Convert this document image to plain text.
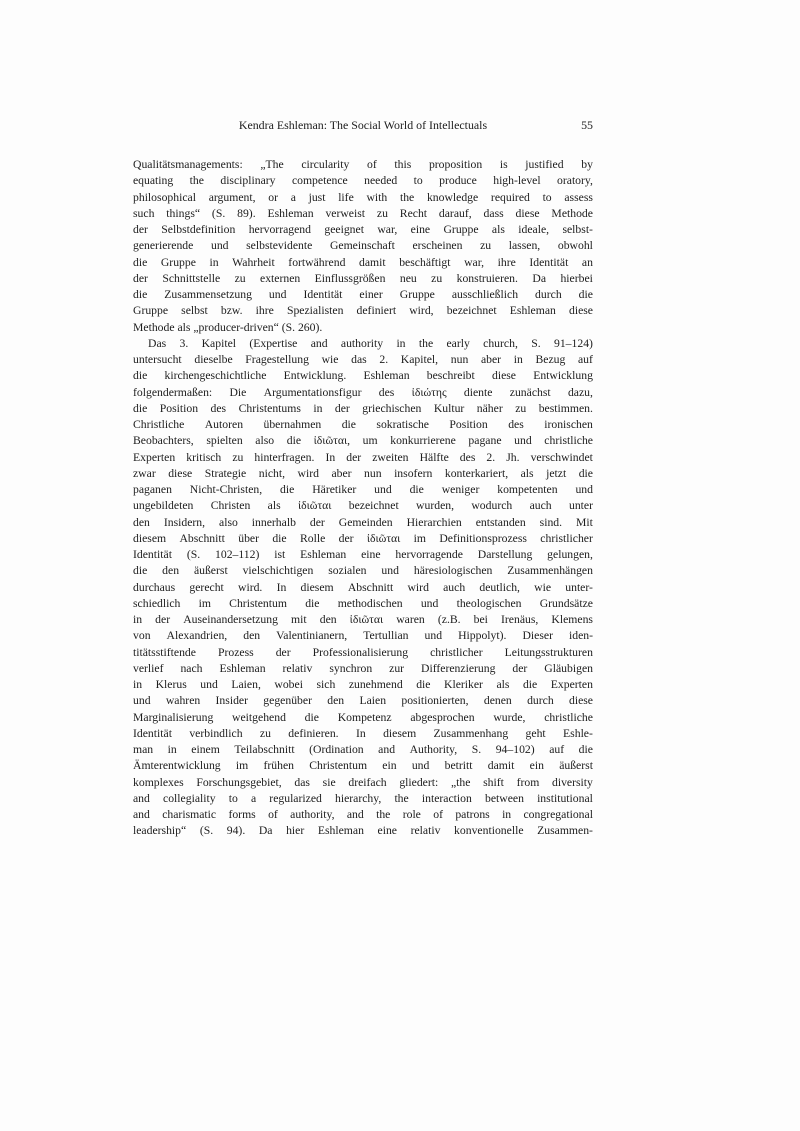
Kendra Eshleman: The Social World of Intellectuals	55
Qualitätsmanagements: „The circularity of this proposition is justified by
equating the disciplinary competence needed to produce high-level oratory,
philosophical argument, or a just life with the knowledge required to assess
such things“ (S. 89). Eshleman verweist zu Recht darauf, dass diese Methode
der Selbstdefinition hervorragend geeignet war, eine Gruppe als ideale, selbst-
generierende und selbstevidente Gemeinschaft erscheinen zu lassen, obwohl
die Gruppe in Wahrheit fortwährend damit beschäftigt war, ihre Identität an
der Schnittstelle zu externen Einflussgrößen neu zu konstruieren. Da hierbei
die Zusammensetzung und Identität einer Gruppe ausschließlich durch die
Gruppe selbst bzw. ihre Spezialisten definiert wird, bezeichnet Eshleman diese
Methode als „producer-driven“ (S. 260).
Das 3. Kapitel (Expertise and authority in the early church, S. 91–124)
untersucht dieselbe Fragestellung wie das 2. Kapitel, nun aber in Bezug auf
die kirchengeschichtliche Entwicklung. Eshleman beschreibt diese Entwicklung
folgendermaßen: Die Argumentationsfigur des ἰδιώτης diente zunächst dazu,
die Position des Christentums in der griechischen Kultur näher zu bestimmen.
Christliche Autoren übernahmen die sokratische Position des ironischen
Beobachters, spielten also die ἰδιῶται, um konkurrierene pagane und christliche
Experten kritisch zu hinterfragen. In der zweiten Hälfte des 2. Jh. verschwindet
zwar diese Strategie nicht, wird aber nun insofern konterkariert, als jetzt die
paganen Nicht-Christen, die Häretiker und die weniger kompetenten und
ungebildeten Christen als ἰδιῶται bezeichnet wurden, wodurch auch unter
den Insidern, also innerhalb der Gemeinden Hierarchien entstanden sind. Mit
diesem Abschnitt über die Rolle der ἰδιῶται im Definitionsprozess christlicher
Identität (S. 102–112) ist Eshleman eine hervorragende Darstellung gelungen,
die den äußerst vielschichtigen sozialen und häresiologischen Zusammenhängen
durchaus gerecht wird. In diesem Abschnitt wird auch deutlich, wie unter-
schiedlich im Christentum die methodischen und theologischen Grundsätze
in der Auseinandersetzung mit den ἰδιῶται waren (z.B. bei Irenäus, Klemens
von Alexandrien, den Valentinianern, Tertullian und Hippolyt). Dieser iden-
titätsstiftende Prozess der Professionalisierung christlicher Leitungsstrukturen
verlief nach Eshleman relativ synchron zur Differenzierung der Gläubigen
in Klerus und Laien, wobei sich zunehmend die Kleriker als die Experten
und wahren Insider gegenüber den Laien positionierten, denen durch diese
Marginalisierung weitgehend die Kompetenz abgesprochen wurde, christliche
Identität verbindlich zu definieren. In diesem Zusammenhang geht Eshle-
man in einem Teilabschnitt (Ordination and Authority, S. 94–102) auf die
Ämterentwicklung im frühen Christentum ein und betritt damit ein äußerst
komplexes Forschungsgebiet, das sie dreifach gliedert: „the shift from diversity
and collegiality to a regularized hierarchy, the interaction between institutional
and charismatic forms of authority, and the role of patrons in congregational
leadership“ (S. 94). Da hier Eshleman eine relativ konventionelle Zusammen-
